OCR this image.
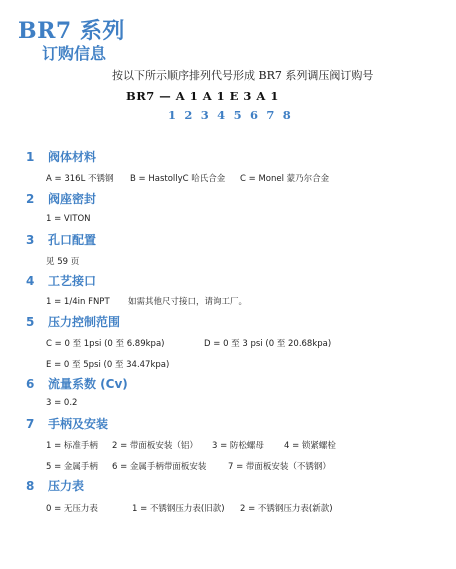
BR7 系列
订购信息
按以下所示顺序排列代号形成 BR7 系列调压阀订购号
BR7 — A 1 A 1 E 3 A 1
1 2 3 4 5 6 7 8
1 阀体材料
A = 316L 不锈钢 B = HastollyC 哈氏合金 C = Monel 蒙乃尔合金
2 阀座密封
1 = VITON
3 孔口配置
见 59 页
4 工艺接口
1 = 1/4in FNPT 如需其他尺寸接口，请询工厂。
5 压力控制范围
C = 0 至 1psi (0 至 6.89kpa)	D = 0 至 3 psi (0 至 20.68kpa)
E = 0 至 5psi (0 至 34.47kpa)
6 流量系数 (Cv)
3 = 0.2
7 手柄及安装
1 = 标准手柄 2 = 带面板安装（铝） 3 = 防松螺母 4 = 锁紧螺栓
5 = 金属手柄 6 = 金属手柄带面板安装	7 = 带面板安装（不锈钢）
8 压力表
0 = 无压力表	1 = 不锈钢压力表(旧款) 2 = 不锈钢压力表(新款)
